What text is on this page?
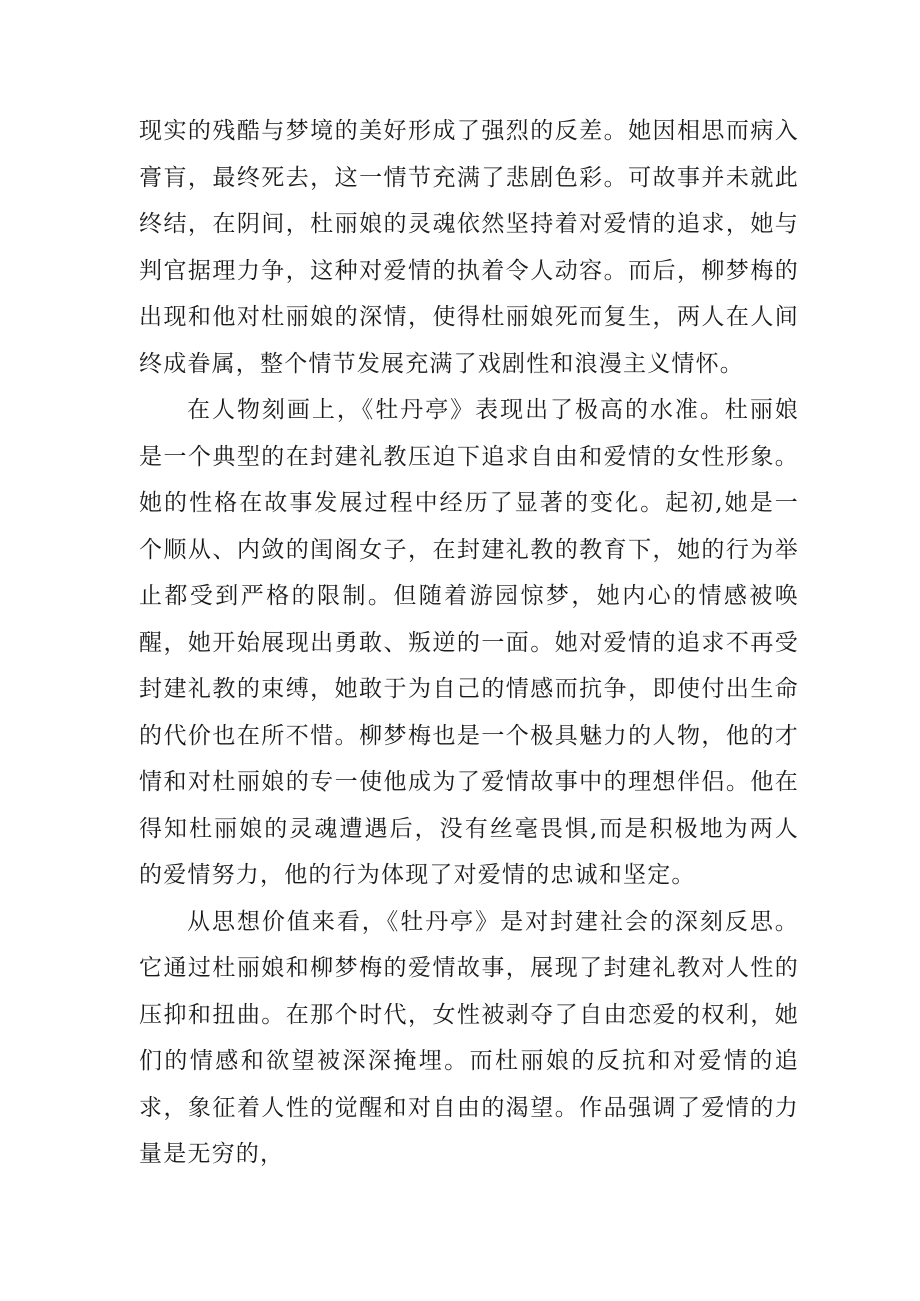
现实的残酷与梦境的美好形成了强烈的反差。她因相思而病入膏肓，最终死去，这一情节充满了悲剧色彩。可故事并未就此终结，在阴间，杜丽娘的灵魂依然坚持着对爱情的追求，她与判官据理力争，这种对爱情的执着令人动容。而后，柳梦梅的出现和他对杜丽娘的深情，使得杜丽娘死而复生，两人在人间终成眷属，整个情节发展充满了戏剧性和浪漫主义情怀。

在人物刻画上，《牡丹亭》表现出了极高的水准。杜丽娘是一个典型的在封建礼教压迫下追求自由和爱情的女性形象。她的性格在故事发展过程中经历了显著的变化。起初,她是一个顺从、内敛的闺阁女子，在封建礼教的教育下，她的行为举止都受到严格的限制。但随着游园惊梦，她内心的情感被唤醒，她开始展现出勇敢、叛逆的一面。她对爱情的追求不再受封建礼教的束缚，她敢于为自己的情感而抗争，即使付出生命的代价也在所不惜。柳梦梅也是一个极具魅力的人物，他的才情和对杜丽娘的专一使他成为了爱情故事中的理想伴侣。他在得知杜丽娘的灵魂遭遇后，没有丝毫畏惧,而是积极地为两人的爱情努力，他的行为体现了对爱情的忠诚和坚定。

从思想价值来看，《牡丹亭》是对封建社会的深刻反思。它通过杜丽娘和柳梦梅的爱情故事，展现了封建礼教对人性的压抑和扭曲。在那个时代，女性被剥夺了自由恋爱的权利，她们的情感和欲望被深深掩埋。而杜丽娘的反抗和对爱情的追求，象征着人性的觉醒和对自由的渴望。作品强调了爱情的力量是无穷的，
